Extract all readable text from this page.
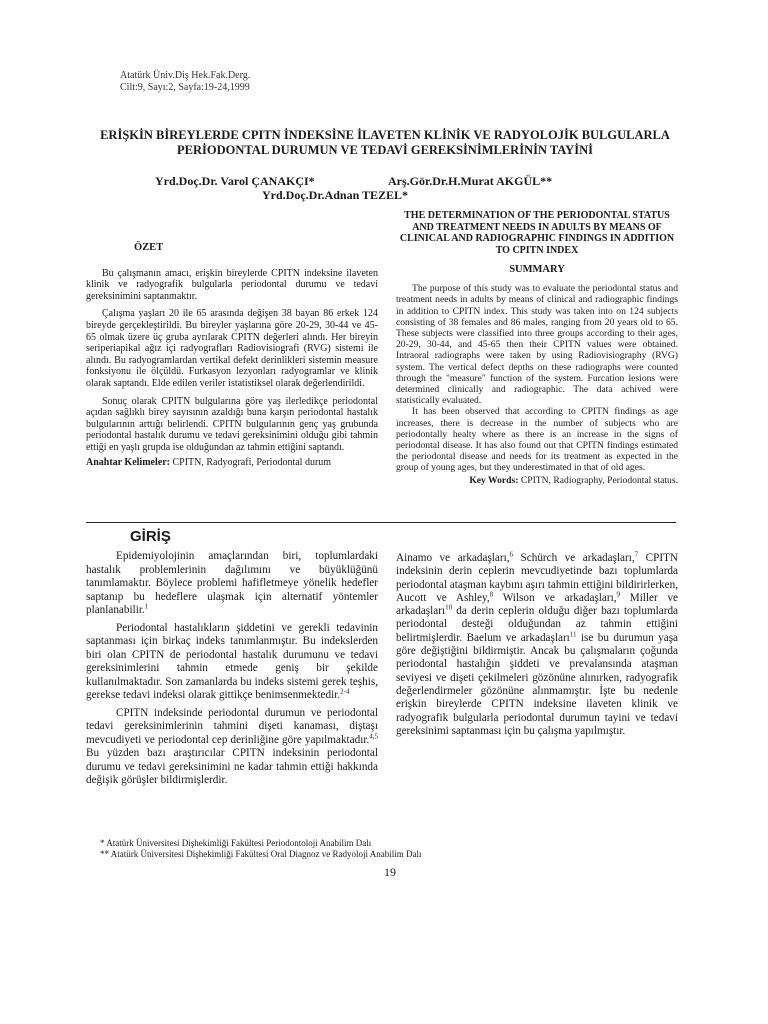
Atatürk Üniv.Diş Hek.Fak.Derg.
Cilt:9, Sayı:2, Sayfa:19-24,1999
ERİŞKİN BİREYLERDE CPITN İNDEKSİNE İLAVETEN KLİNİK VE RADYOLOJİK BULGULARLA PERİODONTAL DURUMUN VE TEDAVİ GEREKSİNİMLERİNİN TAYİNİ
Yrd.Doç.Dr. Varol ÇANAKÇI*	Arş.Gör.Dr.H.Murat AKGÜL**
Yrd.Doç.Dr.Adnan TEZEL*
ÖZET

Bu çalışmanın amacı, erişkin bireylerde CPITN indeksine ilaveten klinik ve radyografik bulgularla periodontal durumu ve tedavi gereksinimini saptanmaktır.

Çalışma yaşları 20 ile 65 arasında değişen 38 bayan 86 erkek 124 bireyde gerçekleştirildi. Bu bireyler yaşlarına göre 20-29, 30-44 ve 45-65 olmak üzere üç gruba ayrılarak CPITN değerleri alındı. Her bireyin seriperiapikal ağız içi radyografları Radiovisiografi (RVG) sistemi ile alındı. Bu radyogramlardan vertikal defekt derinlikleri sistemin measure fonksiyonu ile ölçüldü. Furkasyon lezyonları radyogramlar ve klinik olarak saptandı. Elde edilen veriler istatistiksel olarak değerlendirildi.

Sonuç olarak CPITN bulgularına göre yaş ilerledikçe periodontal açıdan sağlıklı birey sayısının azaldığı buna karşın periodontal hastalık bulgularının arttığı belirlendi. CPITN bulgularının genç yaş grubunda periodontal hastalık durumu ve tedavi gereksinimini olduğu gibi tahmin ettiği en yaşlı grupda ise olduğundan az tahmin ettiğini saptandı.

Anahtar Kelimeler: CPITN, Radyografi, Periodontal durum
THE DETERMINATION OF THE PERIODONTAL STATUS AND TREATMENT NEEDS IN ADULTS BY MEANS OF CLINICAL AND RADIOGRAPHIC FINDINGS IN ADDITION TO CPITN INDEX
SUMMARY

The purpose of this study was to evaluate the periodontal status and treatment needs in adults by means of clinical and radiographic findings in addition to CPITN index. This study was taken into on 124 subjects consisting of 38 females and 86 males, ranging from 20 years old to 65. These subjects were classified into three groups according to their ages, 20-29, 30-44, and 45-65 then their CPITN values were obtained. Intraoral radiographs were taken by using Radiovisiography (RVG) system. The vertical defect depths on these radiographs were counted through the "measure" function of the system. Furcation lesions were determined clinically and radiographic. The data achived were statistically evaluated.

It has been observed that according to CPITN findings as age increases, there is decrease in the number of subjects who are periodontally healty where as there is an increase in the signs of periodontal disease. It has also found out that CPITN findings estimated the periodontal disease and needs for its treatment as expected in the group of young ages, but they underestimated in that of old ages.

Key Words: CPITN, Radiography, Periodontal status.
GİRİŞ

Epidemiyolojinin amaçlarından biri, toplumlardaki hastalık problemlerinin dağılımını ve büyüklüğünü tanımlamaktır. Böylece problemi hafifletmeye yönelik hedefler saptanıp bu hedeflere ulaşmak için alternatif yöntemler planlanabilir.$^1$

Periodontal hastalıkların şiddetini ve gerekli tedavinin saptanması için birkaç indeks tanımlanmıştır. Bu indekslerden biri olan CPITN de periodontal hastalık durumunu ve tedavi gereksinimlerini tahmin etmede geniş bir şekilde kullanılmaktadır. Son zamanlarda bu indeks sistemi gerek teşhis, gerekse tedavi indeksi olarak gittikçe benimsenmektedir.$^{2-4}$

CPITN indeksinde periodontal durumun ve periodontal tedavi gereksinimlerinin tahmini dişeti kanaması, diştaşı mevcudiyeti ve periodontal cep derinliğine göre yapılmaktadır.$^{4,5}$ Bu yüzden bazı araştırıcılar CPITN indeksinin periodontal durumu ve tedavi gereksinimini ne kadar tahmin ettiği hakkında değişik görüşler bildirmişlerdir.

Ainamo ve arkadaşları,$^6$ Schürch ve arkadaşları,$^7$ CPITN indeksinin derin ceplerin mevcudiyetinde bazı toplumlarda periodontal ataşman kaybını aşırı tahmin ettiğini bildirirlerken, Aucott ve Ashley,$^8$ Wilson ve arkadaşları,$^9$ Miller ve arkadaşları$^{10}$ da derin ceplerin olduğu diğer bazı toplumlarda periodontal desteği olduğundan az tahmin ettiğini belirtmişlerdir. Baelum ve arkadaşları$^{11}$ ise bu durumun yaşa göre değiştiğini bildirmiştir. Ancak bu çalışmaların çoğunda periodontal hastalığın şiddeti ve prevalansında ataşman seviyesi ve dişeti çekilmeleri gözönüne alınırken, radyografik değerlendirmeler gözönüne alınmamıştır. İşte bu nedenle erişkin bireylerde CPITN indeksine ilaveten klinik ve radyografik bulgularla periodontal durumun tayini ve tedavi gereksinimi saptanması için bu çalışma yapılmıştır.

* Atatürk Üniversitesi Dişhekimliği Fakültesi Periodontoloji Anabilim Dalı
** Atatürk Üniversitesi Dişhekimliği Fakültesi Oral Diagnoz ve Radyoloji Anabilim Dalı
19
